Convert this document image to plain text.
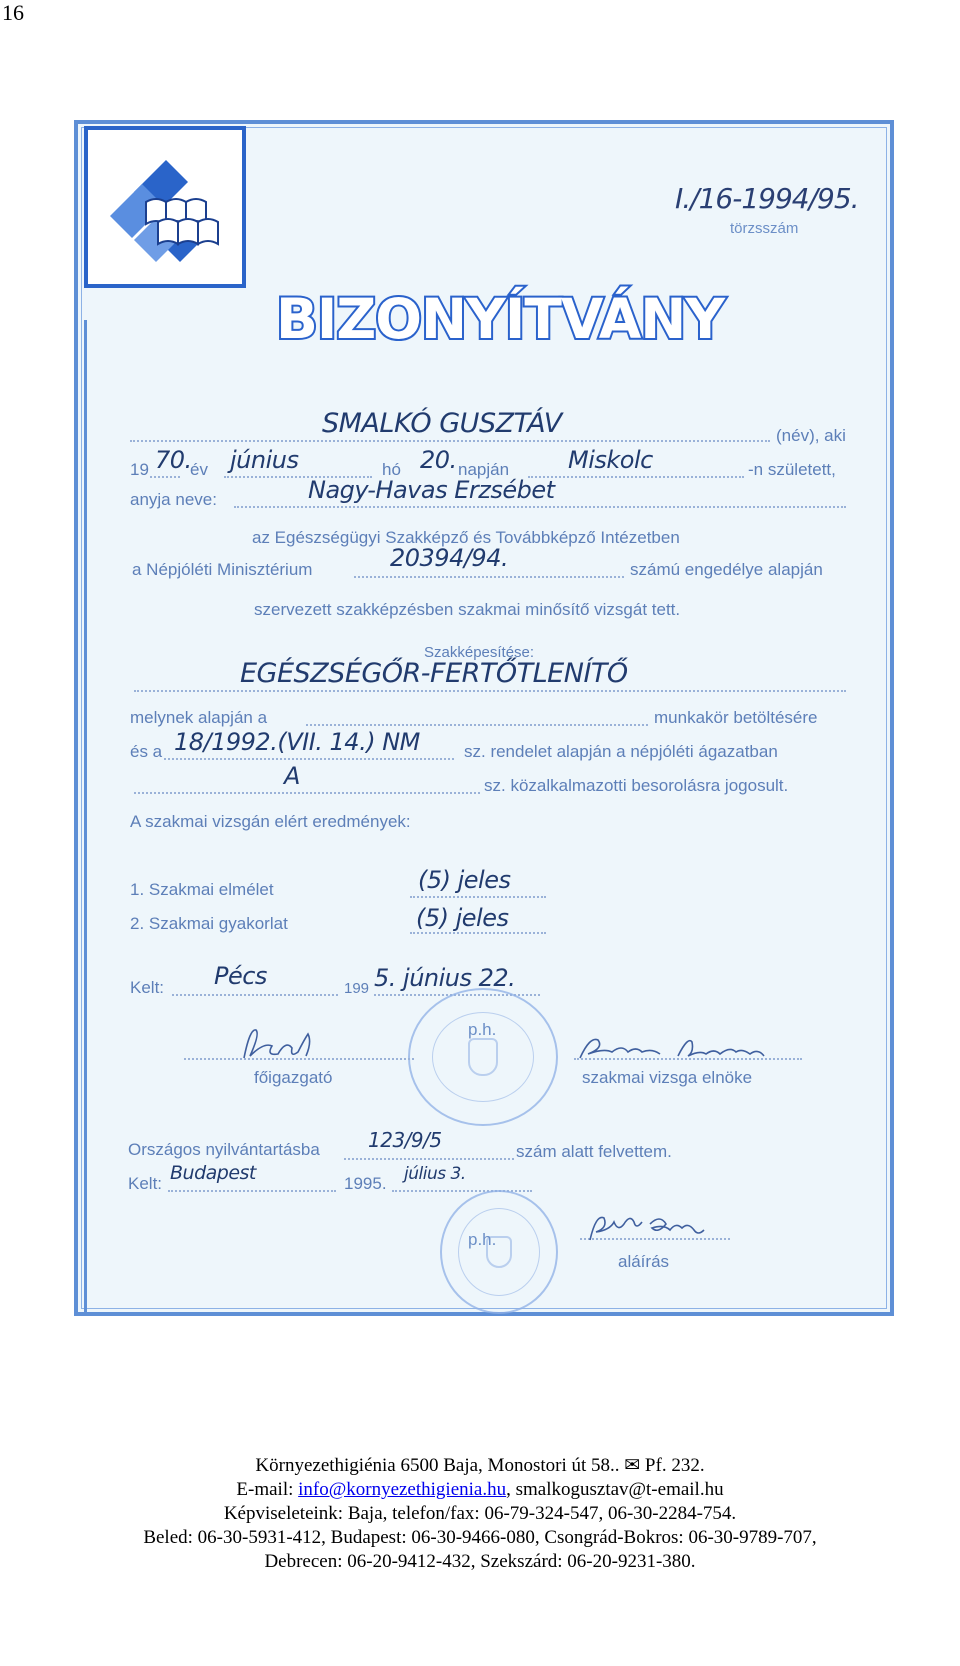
16
I./16-1994/95.
törzsszám
BIZONYÍTVÁNY
SMALKÓ GUSZTÁV	(név), aki
19 70.
év június	hó 20. napján Miskolc	-n született,
anyja neve:	Nagy-Havas Erzsébet
az Egészségügyi Szakképző és Továbbképző Intézetben
a Népjóléti Minisztérium	20394/94.	számú engedélye alapján
szervezett szakképzésben szakmai minősítő vizsgát tett.
Szakképesítése:
EGÉSZSÉGŐR-FERTŐTLENÍTŐ
melynek alapján a	munkakör betöltésére
és a 18/1992.(VII. 14.) NM	sz. rendelet alapján a népjóléti ágazatban
A	sz. közalkalmazotti besorolásra jogosult.
A szakmai vizsgán elért eredmények:
1. Szakmai elmélet	(5) jeles
2. Szakmai gyakorlat	(5) jeles
Kelt: Pécs	199 5. június 22.
p.h.
főigazgató	szakmai vizsga elnöke
Országos nyilvántartásba 123/9/5	szám alatt felvettem.
Kelt: Budapest	1995. július 3.
p.h.
aláírás
Környezethigiénia 6500 Baja, Monostori út 58.. ✉ Pf. 232.
E-mail: info@kornyezethigienia.hu, smalkogusztav@t-email.hu
Képviseleteink: Baja, telefon/fax: 06-79-324-547, 06-30-2284-754.
Beled: 06-30-5931-412, Budapest: 06-30-9466-080, Csongrád-Bokros: 06-30-9789-707,
Debrecen: 06-20-9412-432, Szekszárd: 06-20-9231-380.
